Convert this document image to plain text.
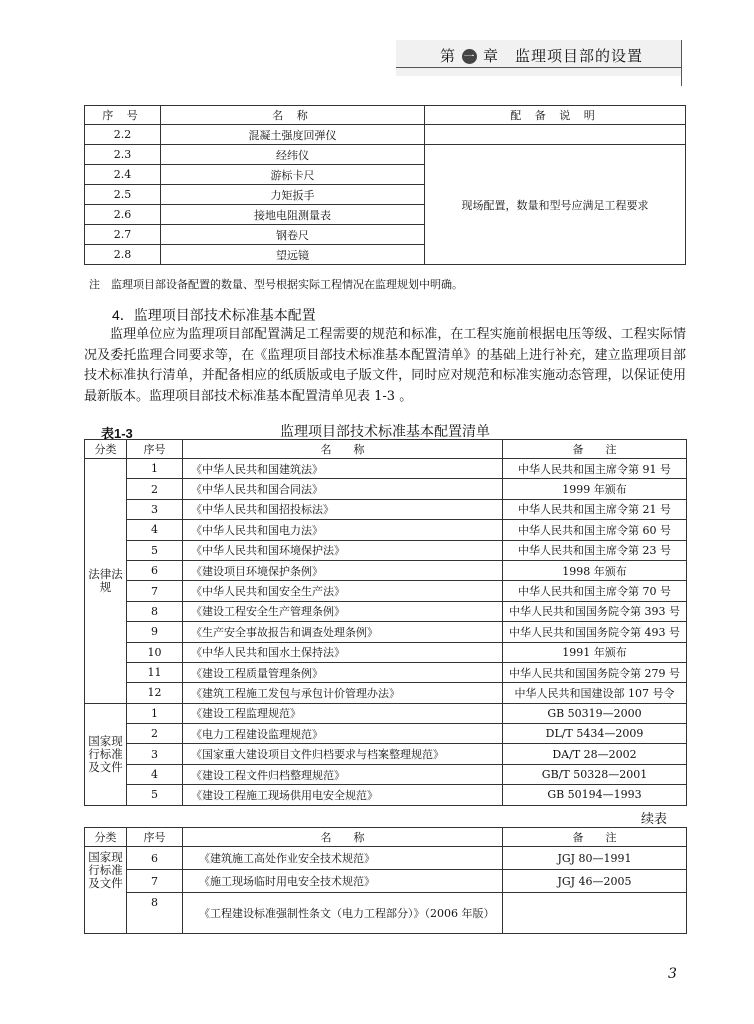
第 一 章 监理项目部的设置
序 号	名 称	配 备 说 明
2.2	混凝土强度回弹仪	
2.3	经纬仪	现场配置，数量和型号应满足工程要求
2.4	游标卡尺	
2.5	力矩扳手	
2.6	接地电阻测量表	
2.7	钢卷尺	
2.8	望远镜	
注　监理项目部设备配置的数量、型号根据实际工程情况在监理规划中明确。
4．监理项目部技术标准基本配置

监理单位应为监理项目部配置满足工程需要的规范和标准，在工程实施前根据电压等级、工程实际情况及委托监理合同要求等，在《监理项目部技术标准基本配置清单》的基础上进行补充，建立监理项目部技术标准执行清单，并配备相应的纸质版或电子版文件，同时应对规范和标准实施动态管理，以保证使用最新版本。监理项目部技术标准基本配置清单见表 1-3 。

监理项目部技术标准基本配置清单
表1-3
分类	序号	名　　称	备　　注
法律法规	1	《中华人民共和国建筑法》	中华人民共和国主席令第 91 号
	2	《中华人民共和国合同法》	1999 年颁布
	3	《中华人民共和国招投标法》	中华人民共和国主席令第 21 号
	4	《中华人民共和国电力法》	中华人民共和国主席令第 60 号
	5	《中华人民共和国环境保护法》	中华人民共和国主席令第 23 号
	6	《建设项目环境保护条例》	1998 年颁布
	7	《中华人民共和国安全生产法》	中华人民共和国主席令第 70 号
	8	《建设工程安全生产管理条例》	中华人民共和国国务院令第 393 号
	9	《生产安全事故报告和调查处理条例》	中华人民共和国国务院令第 493 号
	10	《中华人民共和国水土保持法》	1991 年颁布
	11	《建设工程质量管理条例》	中华人民共和国国务院令第 279 号
	12	《建筑工程施工发包与承包计价管理办法》	中华人民共和国建设部 107 号令
国家现行标准及文件	1	《建设工程监理规范》	GB 50319—2000
	2	《电力工程建设监理规范》	DL/T 5434—2009
	3	《国家重大建设项目文件归档要求与档案整理规范》	DA/T 28—2002
	4	《建设工程文件归档整理规范》	GB/T 50328—2001
	5	《建设工程施工现场供用电安全规范》	GB 50194—1993
续表
分类	序号	名　　称	备　　注
国家现行标准及文件	6	《建筑施工高处作业安全技术规范》	JGJ 80—1991
	7	《施工现场临时用电安全技术规范》	JGJ 46—2005
	8	《工程建设标准强制性条文（电力工程部分）》（2006 年版）	
3
